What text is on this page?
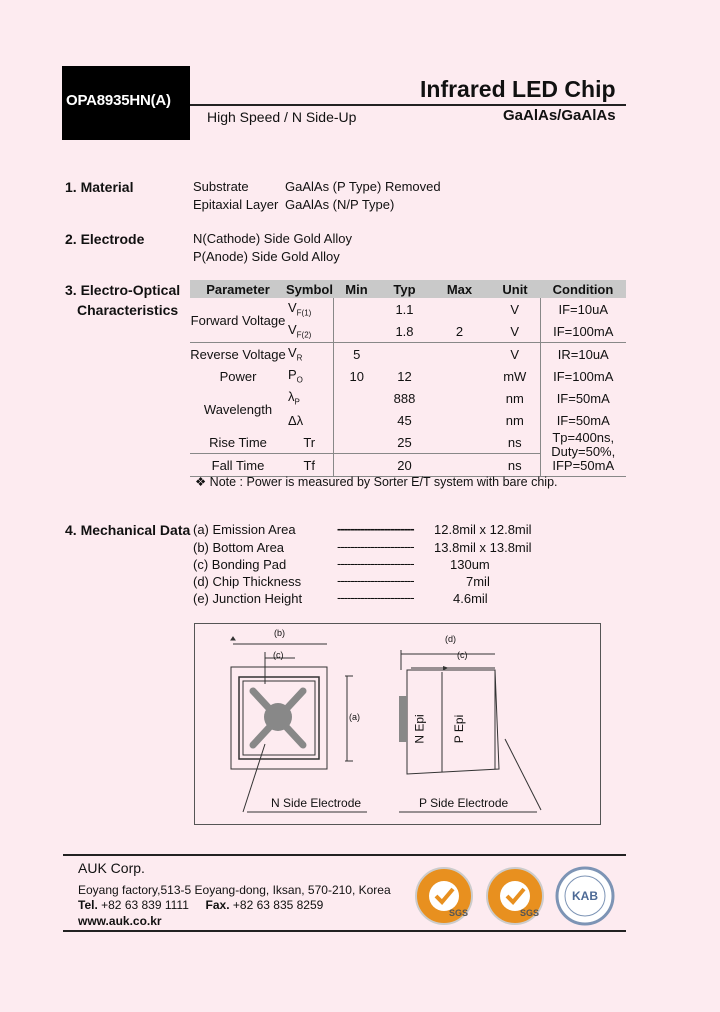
OPA8935HN(A)	Infrared LED Chip
High Speed / N Side-Up	GaAlAs/GaAlAs
1. Material	Substrate	GaAlAs (P Type) Removed
Epitaxial Layer GaAlAs (N/P Type)
2. Electrode	N(Cathode) Side Gold Alloy
P(Anode) Side Gold Alloy
3. Electro-Optical
Characteristics
Parameter	Symbol	Min	Typ	Max	Unit	Condition
Forward Voltage	$V_{F(1)}$		1.1		V	IF=10uA
	$V_{F(2)}$		1.8	2	V	IF=100mA
Reverse Voltage	$V_R$	5			V	IR=10uA
Power	$P_O$	10	12		mW	IF=100mA
Wavelength	$\lambda_P$		888		nm	IF=50mA
	Δλ		45		nm	IF=50mA
Rise Time	Tr		25		ns	Tp=400ns,
Duty=50%,
IFP=50mA

Fall Time	Tf		20		ns	
❖ Note : Power is measured by Sorter E/T system with bare chip.
4. Mechanical Data (a) Emission Area	----------------------- 12.8mil x 12.8mil
(b) Bottom Area	----------------------- 13.8mil x 13.8mil
(c) Bonding Pad	-----------------------	130um
(d) Chip Thickness	-----------------------	7mil
(e) Junction Height	-----------------------	4.6mil
(b)
(c)
(a)
(d)
(c)
N Epi P Epi
N Side Electrode	P Side Electrode
AUK Corp.
Eoyang factory,513-5 Eoyang-dong, Iksan, 570-210, Korea
Tel. +82 63 839 1111 Fax. +82 63 835 8259
www.auk.co.kr
SGS	SGS
KAB
